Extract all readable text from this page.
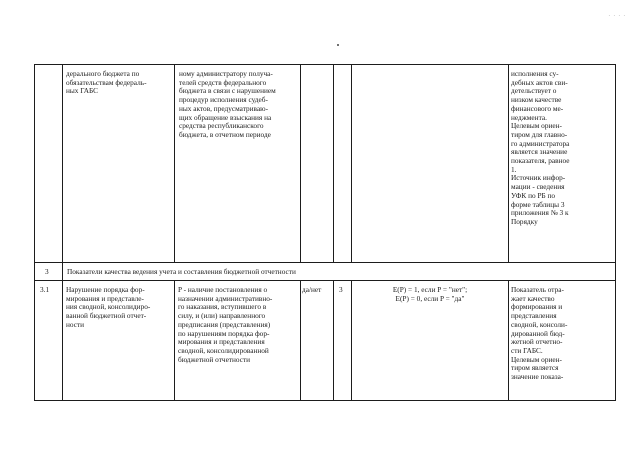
. . . .
дерального бюджета по
обязательствам федераль-
ных ГАБС
ному администратору получа-
телей средств федерального
бюджета в связи с нарушением
процедур исполнения судеб-
ных актов, предусматриваю-
щих обращение взыскания на
средства республиканского
бюджета, в отчетном периоде
исполнения су-
дебных актов сви-
детельствует о
низком качестве
финансового ме-
неджмента.
Целевым ориен-
тиром для главно-
го администратора
является значение
показателя, равное
1.
Источник инфор-
мации - сведения
УФК по РБ по
форме таблицы 3
приложения № 3 к
Порядку
3	Показатели качества ведения учета и составления бюджетной отчетности
3.1 Нарушение порядка фор-
мирования и представле-
ния сводной, консолидиро-
ванной бюджетной отчет-
ности
P - наличие постановления о
назначении административно-
го наказания, вступившего в
силу, и (или) направленного
предписания (представления)
по нарушениям порядка фор-
мирования и представления
сводной, консолидированной
бюджетной отчетности
да/нет 3	E(P) = 1, если P = "нет";
E(P) = 0, если P = "да"
Показатель отра-
жает качество
формирования и
представления
сводной, консоли-
дированной бюд-
жетной отчетно-
сти ГАБС.
Целевым ориен-
тиром является
значение показа-
